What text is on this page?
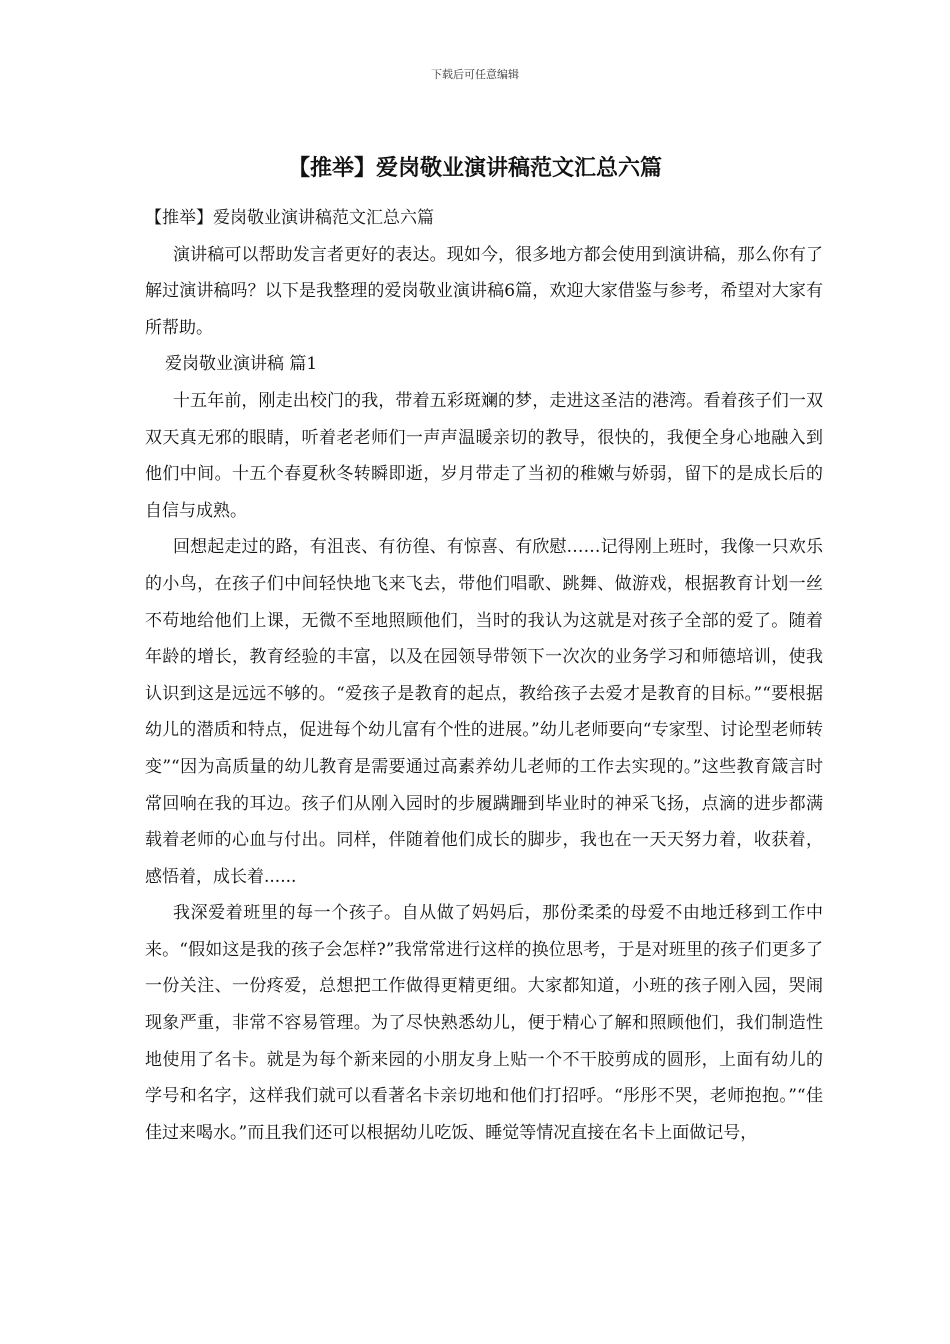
下载后可任意编辑
【推举】爱岗敬业演讲稿范文汇总六篇

【推举】爱岗敬业演讲稿范文汇总六篇

演讲稿可以帮助发言者更好的表达。现如今，很多地方都会使用到演讲稿，那么你有了解过演讲稿吗？以下是我整理的爱岗敬业演讲稿6篇，欢迎大家借鉴与参考，希望对大家有所帮助。

爱岗敬业演讲稿 篇1

十五年前，刚走出校门的我，带着五彩斑斓的梦，走进这圣洁的港湾。看着孩子们一双双天真无邪的眼睛，听着老老师们一声声温暖亲切的教导，很快的，我便全身心地融入到他们中间。十五个春夏秋冬转瞬即逝，岁月带走了当初的稚嫩与娇弱，留下的是成长后的自信与成熟。

回想起走过的路，有沮丧、有彷徨、有惊喜、有欣慰……记得刚上班时，我像一只欢乐的小鸟，在孩子们中间轻快地飞来飞去，带他们唱歌、跳舞、做游戏，根据教育计划一丝不苟地给他们上课，无微不至地照顾他们，当时的我认为这就是对孩子全部的爱了。随着年龄的增长，教育经验的丰富，以及在园领导带领下一次次的业务学习和师德培训，使我认识到这是远远不够的。“爱孩子是教育的起点，教给孩子去爱才是教育的目标。”“要根据幼儿的潜质和特点，促进每个幼儿富有个性的进展。”幼儿老师要向“专家型、讨论型老师转变”“因为高质量的幼儿教育是需要通过高素养幼儿老师的工作去实现的。”这些教育箴言时常回响在我的耳边。孩子们从刚入园时的步履蹒跚到毕业时的神采飞扬，点滴的进步都满载着老师的心血与付出。同样，伴随着他们成长的脚步，我也在一天天努力着，收获着，感悟着，成长着......

我深爱着班里的每一个孩子。自从做了妈妈后，那份柔柔的母爱不由地迁移到工作中来。“假如这是我的孩子会怎样?”我常常进行这样的换位思考，于是对班里的孩子们更多了一份关注、一份疼爱，总想把工作做得更精更细。大家都知道，小班的孩子刚入园，哭闹现象严重，非常不容易管理。为了尽快熟悉幼儿，便于精心了解和照顾他们，我们制造性地使用了名卡。就是为每个新来园的小朋友身上贴一个不干胶剪成的圆形，上面有幼儿的学号和名字，这样我们就可以看著名卡亲切地和他们打招呼。“彤彤不哭，老师抱抱。”“佳佳过来喝水。”而且我们还可以根据幼儿吃饭、睡觉等情况直接在名卡上面做记号，
